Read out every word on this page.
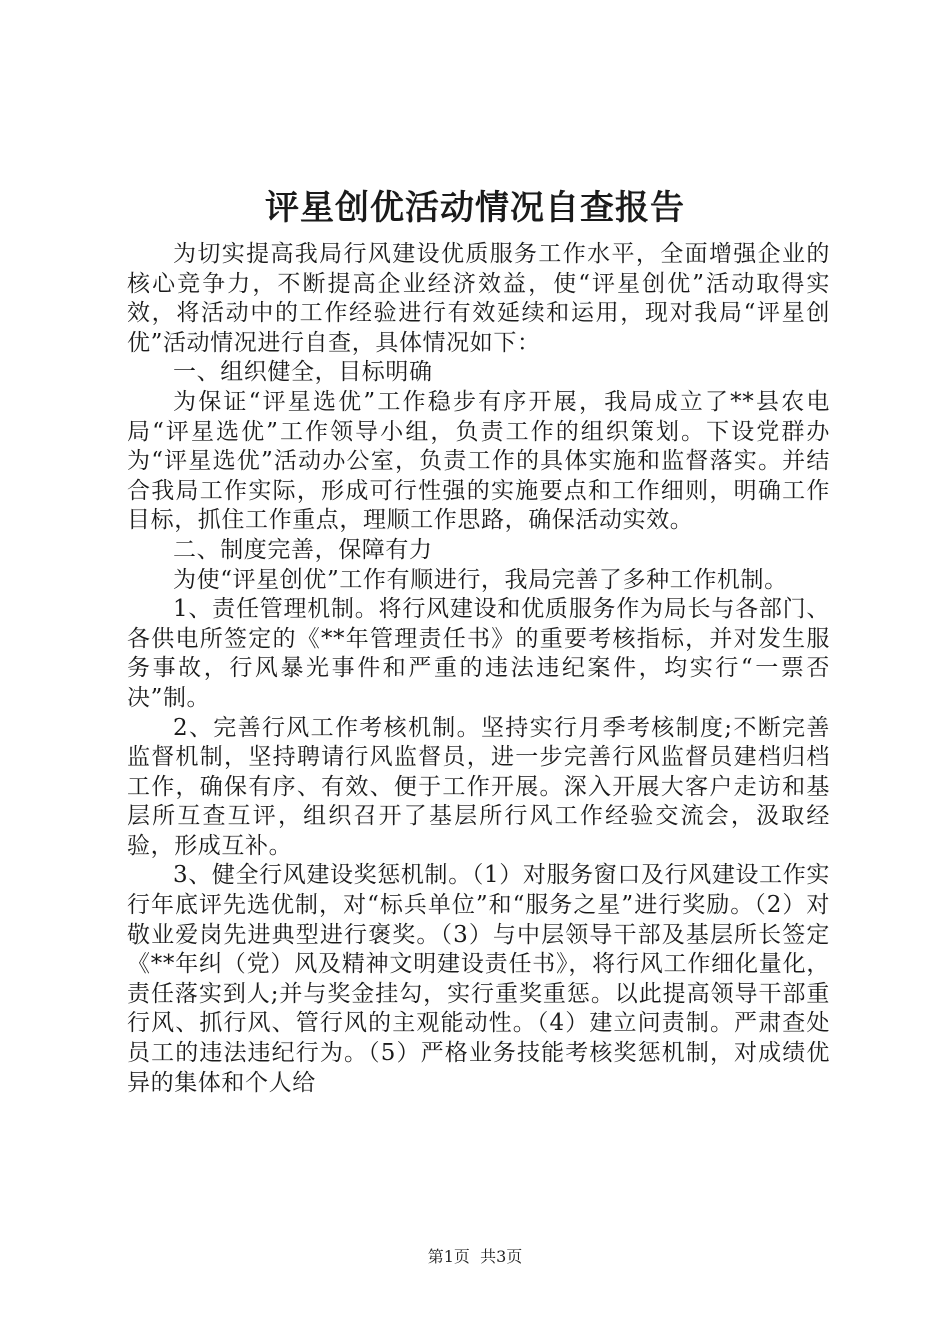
评星创优活动情况自查报告

为切实提高我局行风建设优质服务工作水平，全面增强企业的核心竞争力，不断提高企业经济效益，使“评星创优”活动取得实效，将活动中的工作经验进行有效延续和运用，现对我局“评星创优”活动情况进行自查，具体情况如下：

一、组织健全，目标明确

为保证“评星选优”工作稳步有序开展，我局成立了**县农电局“评星选优”工作领导小组，负责工作的组织策划。下设党群办为“评星选优”活动办公室，负责工作的具体实施和监督落实。并结合我局工作实际，形成可行性强的实施要点和工作细则，明确工作目标，抓住工作重点，理顺工作思路，确保活动实效。

二、制度完善，保障有力

为使“评星创优”工作有顺进行，我局完善了多种工作机制。

1、责任管理机制。将行风建设和优质服务作为局长与各部门、各供电所签定的《**年管理责任书》的重要考核指标，并对发生服务事故，行风暴光事件和严重的违法违纪案件，均实行“一票否决”制。

2、完善行风工作考核机制。坚持实行月季考核制度;不断完善监督机制，坚持聘请行风监督员，进一步完善行风监督员建档归档工作，确保有序、有效、便于工作开展。深入开展大客户走访和基层所互查互评，组织召开了基层所行风工作经验交流会，汲取经验，形成互补。

3、健全行风建设奖惩机制。（1）对服务窗口及行风建设工作实行年底评先选优制，对“标兵单位”和“服务之星”进行奖励。（2）对敬业爱岗先进典型进行褒奖。（3）与中层领导干部及基层所长签定《**年纠（党）风及精神文明建设责任书》，将行风工作细化量化，责任落实到人;并与奖金挂勾，实行重奖重惩。以此提高领导干部重行风、抓行风、管行风的主观能动性。（4）建立问责制。严肃查处员工的违法违纪行为。（5）严格业务技能考核奖惩机制，对成绩优异的集体和个人给

第1页 共3页
